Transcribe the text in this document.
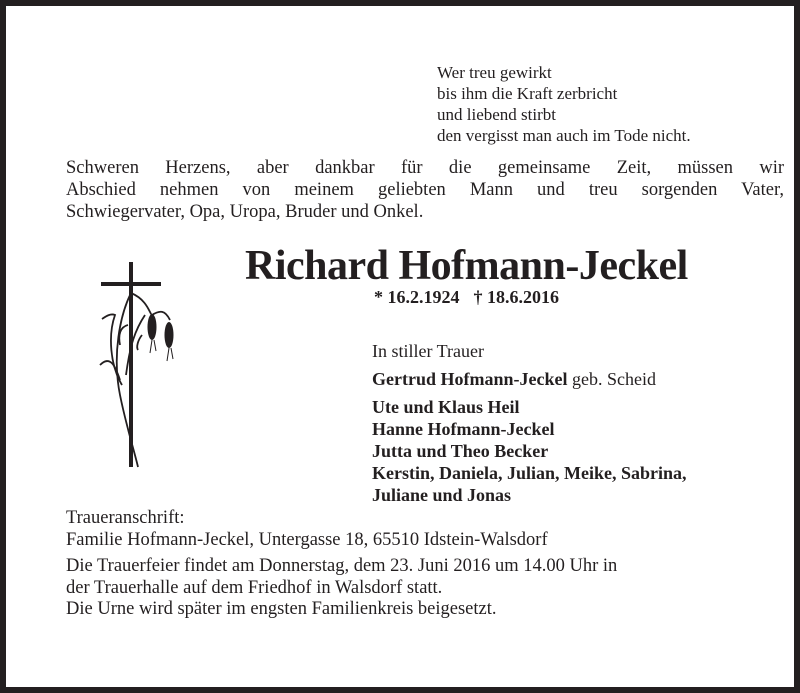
Wer treu gewirkt
bis ihm die Kraft zerbricht
und liebend stirbt
den vergisst man auch im Tode nicht.
Schweren Herzens, aber dankbar für die gemeinsame Zeit, müssen wir
Abschied nehmen von meinem geliebten Mann und treu sorgenden Vater,
Schwiegervater, Opa, Uropa, Bruder und Onkel.
Richard Hofmann-Jeckel
* 16.2.1924 † 18.6.2016
In stiller Trauer
Gertrud Hofmann-Jeckel geb. Scheid
Ute und Klaus Heil
Hanne Hofmann-Jeckel
Jutta und Theo Becker
Kerstin, Daniela, Julian, Meike, Sabrina,
Juliane und Jonas
Traueranschrift:
Familie Hofmann-Jeckel, Untergasse 18, 65510 Idstein-Walsdorf
Die Trauerfeier findet am Donnerstag, dem 23. Juni 2016 um 14.00 Uhr in
der Trauerhalle auf dem Friedhof in Walsdorf statt.
Die Urne wird später im engsten Familienkreis beigesetzt.
